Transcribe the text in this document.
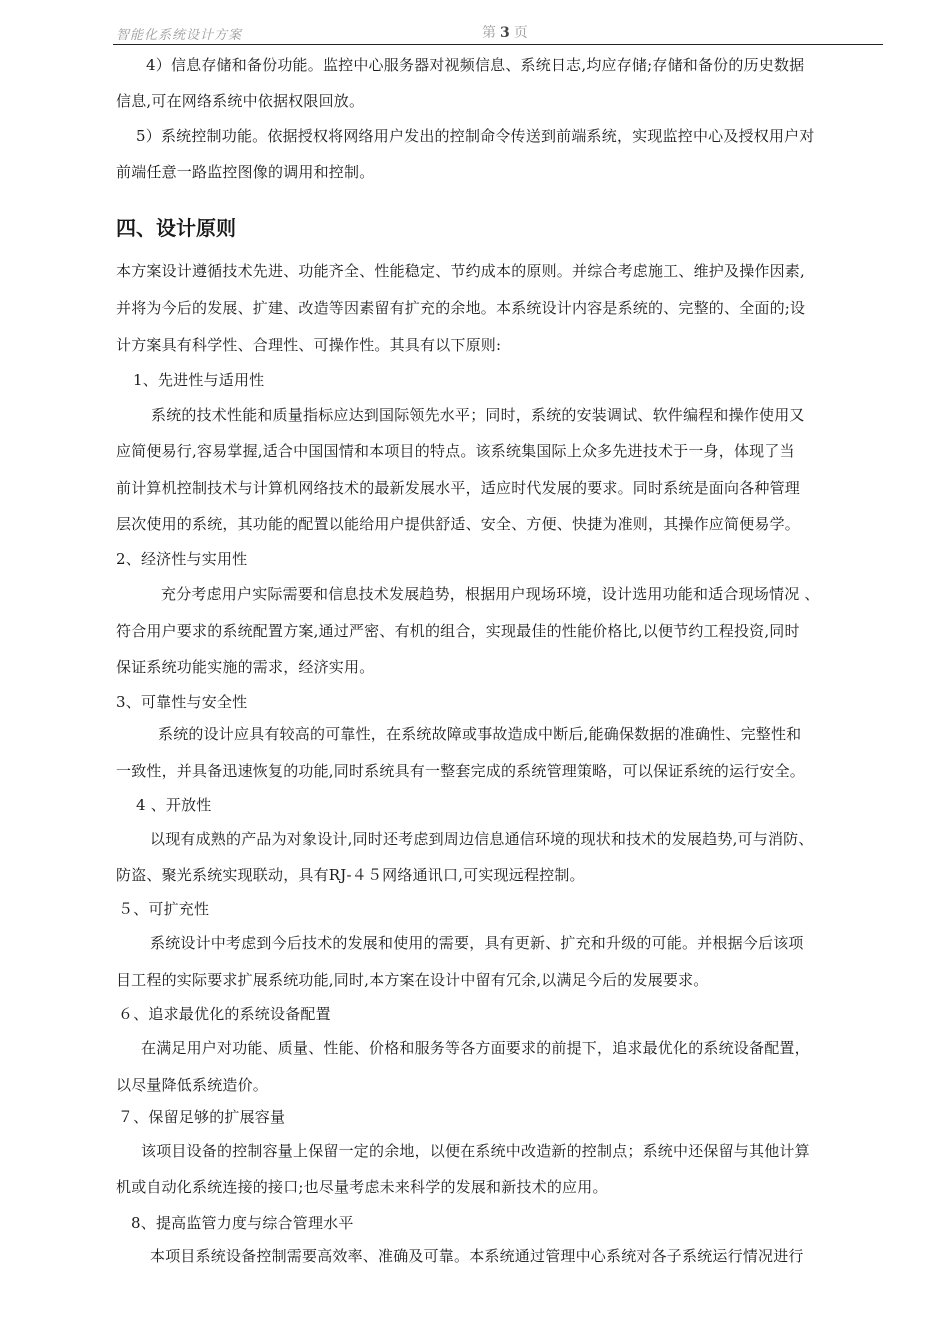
智能化系统设计方案	第 3 页
4）信息存储和备份功能。监控中心服务器对视频信息、系统日志,均应存储;存储和备份的历史数据
信息,可在网络系统中依据权限回放。
5）系统控制功能。依据授权将网络用户发出的控制命令传送到前端系统，实现监控中心及授权用户对
前端任意一路监控图像的调用和控制。
四、设计原则
本方案设计遵循技术先进、功能齐全、性能稳定、节约成本的原则。并综合考虑施工、维护及操作因素,
并将为今后的发展、扩建、改造等因素留有扩充的余地。本系统设计内容是系统的、完整的、全面的;设
计方案具有科学性、合理性、可操作性。其具有以下原则:
1、先进性与适用性
系统的技术性能和质量指标应达到国际领先水平；同时，系统的安装调试、软件编程和操作使用又
应简便易行,容易掌握,适合中国国情和本项目的特点。该系统集国际上众多先进技术于一身，体现了当
前计算机控制技术与计算机网络技术的最新发展水平，适应时代发展的要求。同时系统是面向各种管理
层次使用的系统，其功能的配置以能给用户提供舒适、安全、方便、快捷为准则，其操作应简便易学。
2、经济性与实用性
充分考虑用户实际需要和信息技术发展趋势，根据用户现场环境，设计选用功能和适合现场情况 、
符合用户要求的系统配置方案,通过严密、有机的组合，实现最佳的性能价格比,以便节约工程投资,同时
保证系统功能实施的需求，经济实用。
3、可靠性与安全性
系统的设计应具有较高的可靠性，在系统故障或事故造成中断后,能确保数据的准确性、完整性和
一致性，并具备迅速恢复的功能,同时系统具有一整套完成的系统管理策略，可以保证系统的运行安全。
4 、开放性
以现有成熟的产品为对象设计,同时还考虑到周边信息通信环境的现状和技术的发展趋势,可与消防、
防盗、聚光系统实现联动，具有RJ-４５网络通讯口,可实现远程控制。
５、可扩充性
系统设计中考虑到今后技术的发展和使用的需要，具有更新、扩充和升级的可能。并根据今后该项
目工程的实际要求扩展系统功能,同时,本方案在设计中留有冗余,以满足今后的发展要求。
６、追求最优化的系统设备配置
在满足用户对功能、质量、性能、价格和服务等各方面要求的前提下，追求最优化的系统设备配置，
以尽量降低系统造价。
７、保留足够的扩展容量
该项目设备的控制容量上保留一定的余地，以便在系统中改造新的控制点；系统中还保留与其他计算
机或自动化系统连接的接口;也尽量考虑未来科学的发展和新技术的应用。
8、提高监管力度与综合管理水平
本项目系统设备控制需要高效率、准确及可靠。本系统通过管理中心系统对各子系统运行情况进行
